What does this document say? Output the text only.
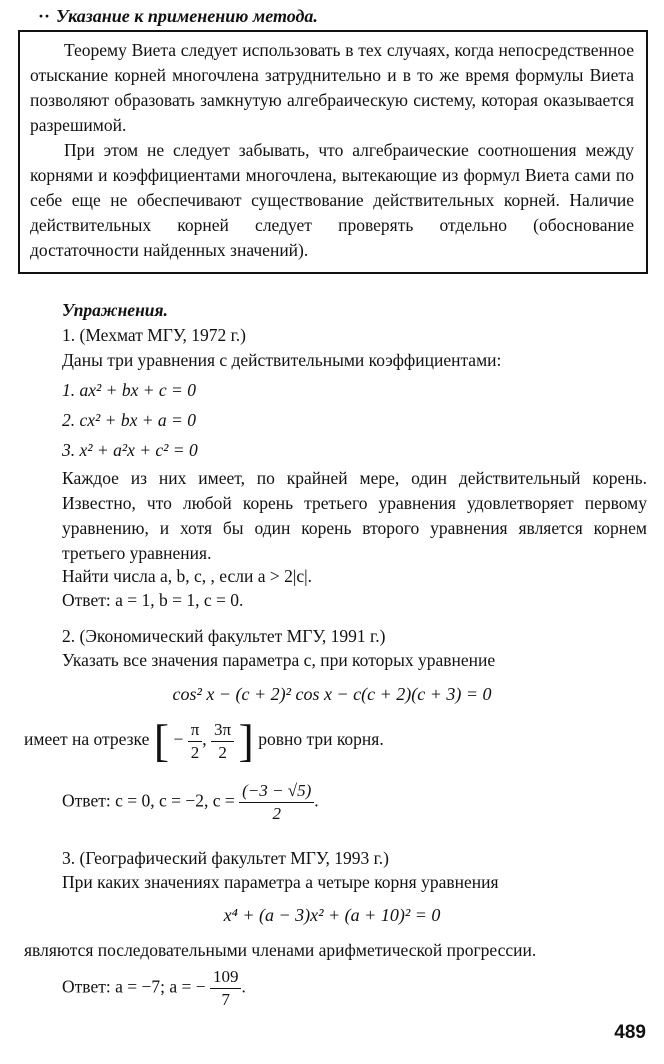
·· Указание к применению метода.

Теорему Виета следует использовать в тех случаях, когда непосредственное отыскание корней многочлена затруднительно и в то же время формулы Виета позволяют образовать замкнутую алгебраическую систему, которая оказывается разрешимой.

При этом не следует забывать, что алгебраические соотношения между корнями и коэффициентами многочлена, вытекающие из формул Виета сами по себе еще не обеспечивают существование действительных корней. Наличие действительных корней следует проверять отдельно (обоснование достаточности найденных значений).

Упражнения.
1. (Мехмат МГУ, 1972 г.)
Даны три уравнения с действительными коэффициентами:
1. ax² + bx + c = 0
2. cx² + bx + a = 0
3. x² + a²x + c² = 0
Каждое из них имеет, по крайней мере, один действительный корень. Известно, что любой корень третьего уравнения удовлетворяет первому уравнению, и хотя бы один корень второго уравнения является корнем третьего уравнения.
Найти числа a, b, c, , если a > 2|c|.
Ответ: a = 1, b = 1, c = 0.
2. (Экономический факультет МГУ, 1991 г.)
Указать все значения параметра c, при которых уравнение
cos² x − (c + 2)² cos x − c(c + 2)(c + 3) = 0
имеет на отрезке [ − $\frac{\pi}{2}$ , $\frac{3\pi}{2}$ ] ровно три корня.
Ответ: c = 0, c = −2, $c = \frac{(-3 - √5)}{2}$ .
3. (Географический факультет МГУ, 1993 г.)
При каких значениях параметра a четыре корня уравнения
x⁴ + (a − 3)x² + (a + 10)² = 0
являются последовательными членами арифметической прогрессии.
Ответ: a = −7; a = − $\frac{109}{7}$ .
489
